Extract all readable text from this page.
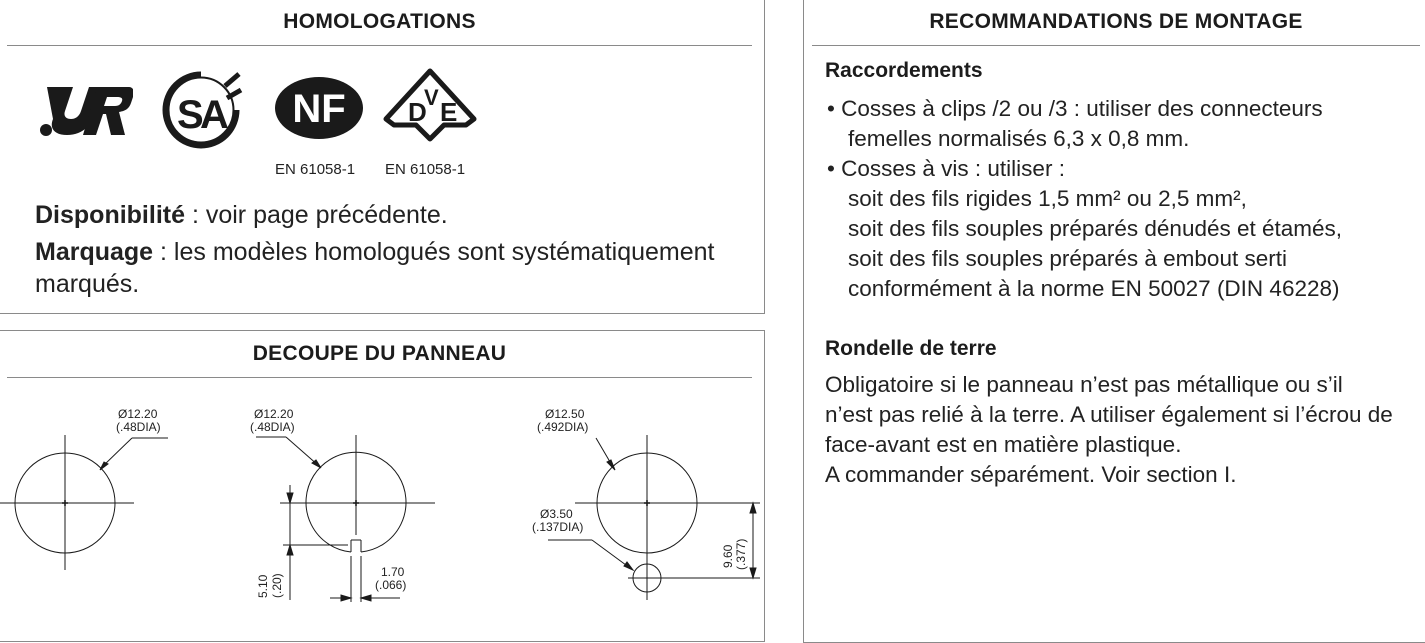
HOMOLOGATIONS
S
A NF
EN 61058-1
D
V E
EN 61058-1
Disponibilité : voir page précédente.
Marquage : les modèles homologués sont systématiquement
marqués.
DECOUPE DU PANNEAU
Ø12.20
(.48DIA)
Ø12.20
(.48DIA)
1.70
(.066)
5.10 (.20)
Ø12.50
(.492DIA)
Ø3.50
(.137DIA)
9.60 (.377)
RECOMMANDATIONS DE MONTAGE
Raccordements
• Cosses à clips /2 ou /3 : utiliser des connecteurs
femelles normalisés 6,3 x 0,8 mm.
• Cosses à vis : utiliser :
soit des fils rigides 1,5 mm² ou 2,5 mm²,
soit des fils souples préparés dénudés et étamés,
soit des fils souples préparés à embout serti
conformément à la norme EN 50027 (DIN 46228)
Rondelle de terre
Obligatoire si le panneau n’est pas métallique ou s’il
n’est pas relié à la terre. A utiliser également si l’écrou de
face-avant est en matière plastique.
A commander séparément. Voir section I.
